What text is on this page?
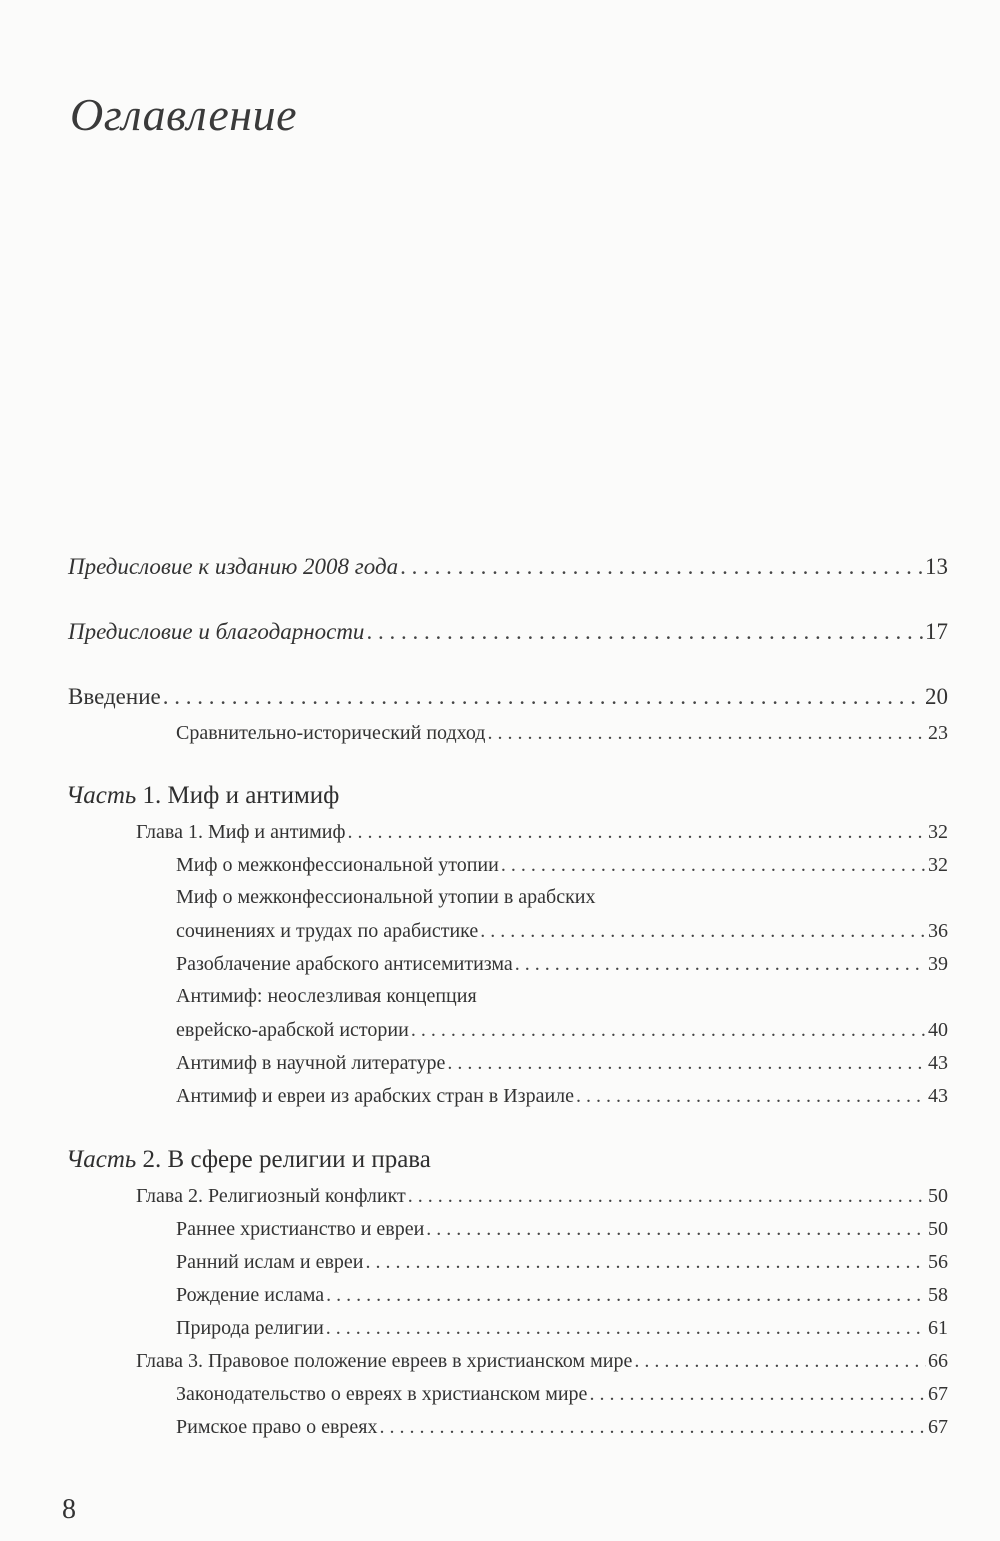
Оглавление
Предисловие к изданию 2008 года . . .	13
Предисловие и благодарности . . .	17
Введение . . .	20
Сравнительно-исторический подход . . .	23
Часть 1. Миф и антимиф
Глава 1. Миф и антимиф . . .	32
Миф о межконфессиональной утопии . . .	32
Миф о межконфессиональной утопии в арабских
сочинениях и трудах по арабистике . . .	36
Разоблачение арабского антисемитизма . . .	39
Антимиф: неослезливая концепция
еврейско-арабской истории . . .	40
Антимиф в научной литературе . . .	43
Антимиф и евреи из арабских стран в Израиле . . .	43
Часть 2. В сфере религии и права
Глава 2. Религиозный конфликт . . .	50
Раннее христианство и евреи . . .	50
Ранний ислам и евреи . . .	56
Рождение ислама . . .	58
Природа религии . . .	61
Глава 3. Правовое положение евреев в христианском мире . . .	66
Законодательство о евреях в христианском мире . . .	67
Римское право о евреях . . .	67
8
